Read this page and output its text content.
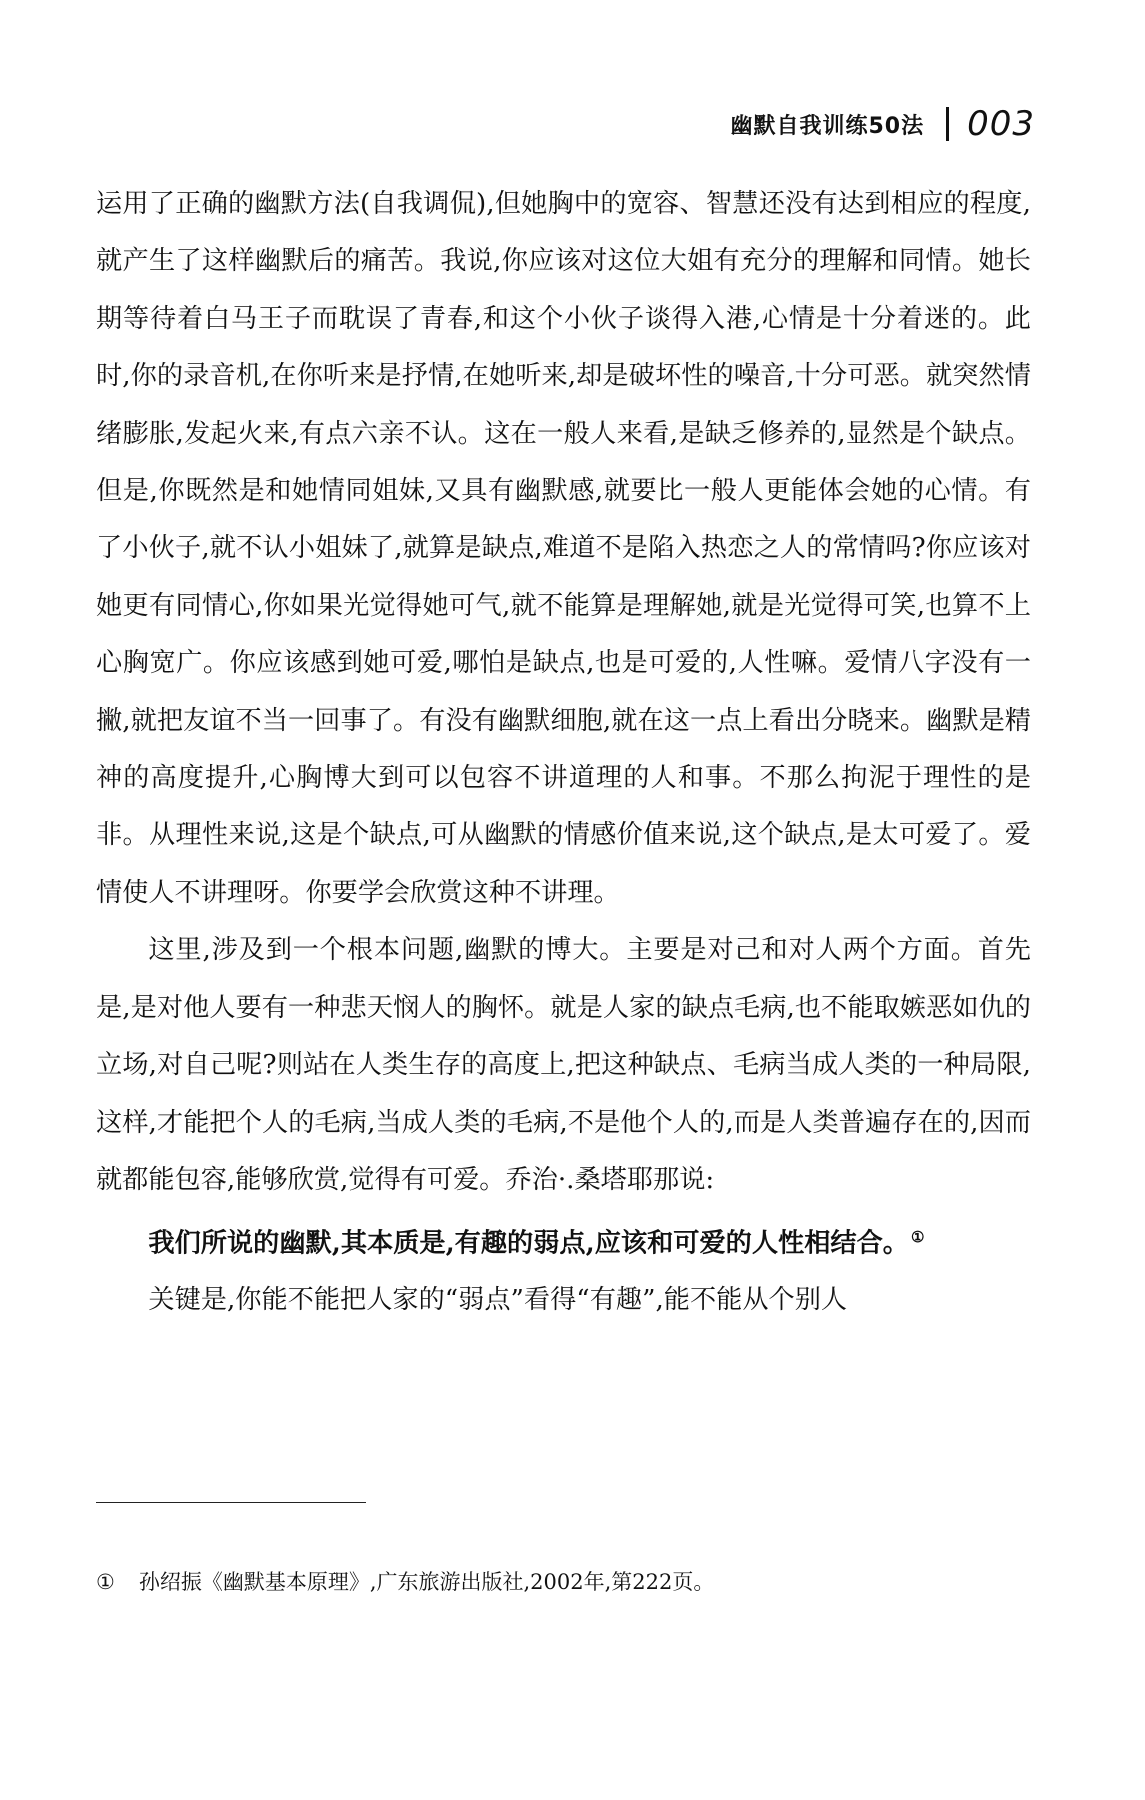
幽默自我训练50法 003

运用了正确的幽默方法(自我调侃),但她胸中的宽容、智慧还没有达到相应的程度,就产生了这样幽默后的痛苦。我说,你应该对这位大姐有充分的理解和同情。她长期等待着白马王子而耽误了青春,和这个小伙子谈得入港,心情是十分着迷的。此时,你的录音机,在你听来是抒情,在她听来,却是破坏性的噪音,十分可恶。就突然情绪膨胀,发起火来,有点六亲不认。这在一般人来看,是缺乏修养的,显然是个缺点。但是,你既然是和她情同姐妹,又具有幽默感,就要比一般人更能体会她的心情。有了小伙子,就不认小姐妹了,就算是缺点,难道不是陷入热恋之人的常情吗?你应该对她更有同情心,你如果光觉得她可气,就不能算是理解她,就是光觉得可笑,也算不上心胸宽广。你应该感到她可爱,哪怕是缺点,也是可爱的,人性嘛。爱情八字没有一撇,就把友谊不当一回事了。有没有幽默细胞,就在这一点上看出分晓来。幽默是精神的高度提升,心胸博大到可以包容不讲道理的人和事。不那么拘泥于理性的是非。从理性来说,这是个缺点,可从幽默的情感价值来说,这个缺点,是太可爱了。爱情使人不讲理呀。你要学会欣赏这种不讲理。

这里,涉及到一个根本问题,幽默的博大。主要是对己和对人两个方面。首先是,是对他人要有一种悲天悯人的胸怀。就是人家的缺点毛病,也不能取嫉恶如仇的立场,对自己呢?则站在人类生存的高度上,把这种缺点、毛病当成人类的一种局限,这样,才能把个人的毛病,当成人类的毛病,不是他个人的,而是人类普遍存在的,因而就都能包容,能够欣赏,觉得有可爱。乔治·.桑塔耶那说:

我们所说的幽默,其本质是,有趣的弱点,应该和可爱的人性相结合。 ①

关键是,你能不能把人家的“弱点”看得“有趣”,能不能从个别人

① 孙绍振《幽默基本原理》,广东旅游出版社,2002年,第222页。
